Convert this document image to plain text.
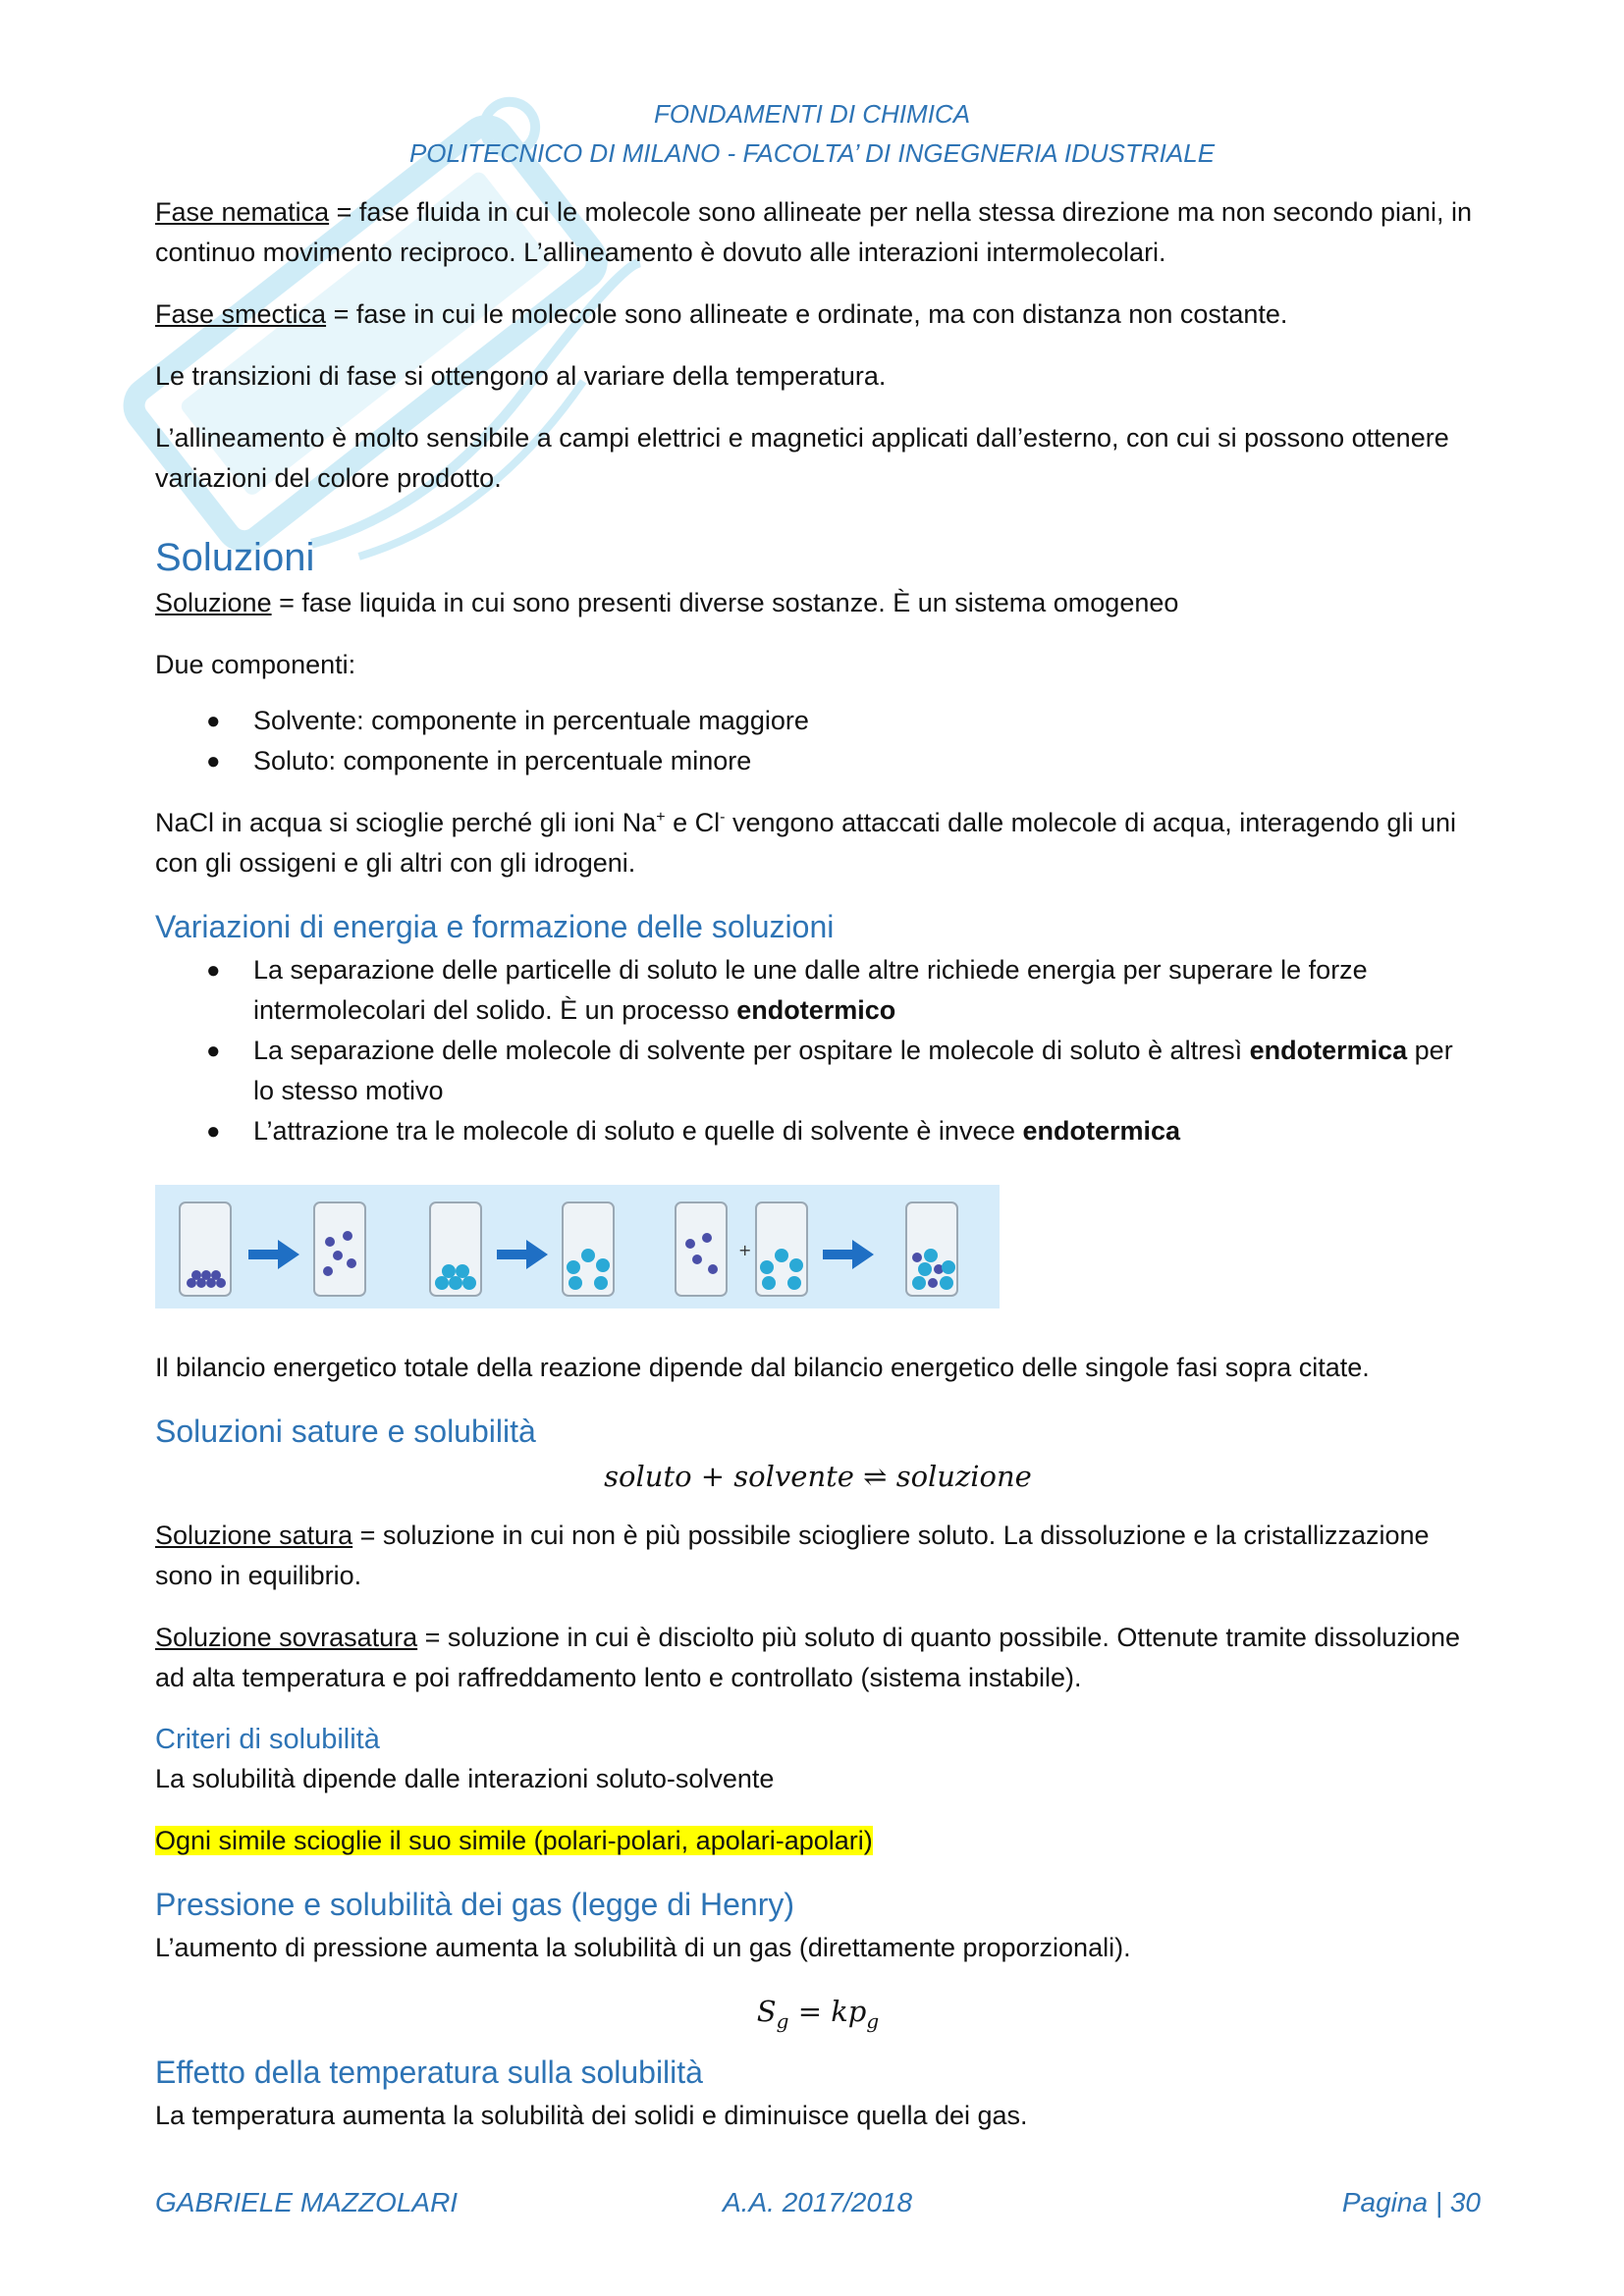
FONDAMENTI DI CHIMICA
POLITECNICO DI MILANO - FACOLTA’ DI INGEGNERIA IDUSTRIALE

Fase nematica = fase fluida in cui le molecole sono allineate per nella stessa direzione ma non secondo piani, in continuo movimento reciproco. L’allineamento è dovuto alle interazioni intermolecolari.

Fase smectica = fase in cui le molecole sono allineate e ordinate, ma con distanza non costante.

Le transizioni di fase si ottengono al variare della temperatura.

L’allineamento è molto sensibile a campi elettrici e magnetici applicati dall’esterno, con cui si possono ottenere variazioni del colore prodotto.

Soluzioni

Soluzione = fase liquida in cui sono presenti diverse sostanze. È un sistema omogeneo

Due componenti:

● Solvente: componente in percentuale maggiore
● Soluto: componente in percentuale minore

NaCl in acqua si scioglie perché gli ioni Na+ e Cl- vengono attaccati dalle molecole di acqua, interagendo gli uni con gli ossigeni e gli altri con gli idrogeni.

Variazioni di energia e formazione delle soluzioni
● La separazione delle particelle di soluto le une dalle altre richiede energia per superare le forze intermolecolari del solido. È un processo endotermico
● La separazione delle molecole di solvente per ospitare le molecole di soluto è altresì endotermica per lo stesso motivo
● L’attrazione tra le molecole di soluto e quelle di solvente è invece endotermica
+

Il bilancio energetico totale della reazione dipende dal bilancio energetico delle singole fasi sopra citate.

Soluzioni sature e solubilità
soluto + solvente ⇌ soluzione

Soluzione satura = soluzione in cui non è più possibile sciogliere soluto. La dissoluzione e la cristallizzazione sono in equilibrio.

Soluzione sovrasatura = soluzione in cui è disciolto più soluto di quanto possibile. Ottenute tramite dissoluzione ad alta temperatura e poi raffreddamento lento e controllato (sistema instabile).

Criteri di solubilità

La solubilità dipende dalle interazioni soluto-solvente

Ogni simile scioglie il suo simile (polari-polari, apolari-apolari)

Pressione e solubilità dei gas (legge di Henry)

L’aumento di pressione aumenta la solubilità di un gas (direttamente proporzionali).

$S_g = kp_g$
Effetto della temperatura sulla solubilità

La temperatura aumenta la solubilità dei solidi e diminuisce quella dei gas.

GABRIELE MAZZOLARI	A.A. 2017/2018	Pagina | 30
